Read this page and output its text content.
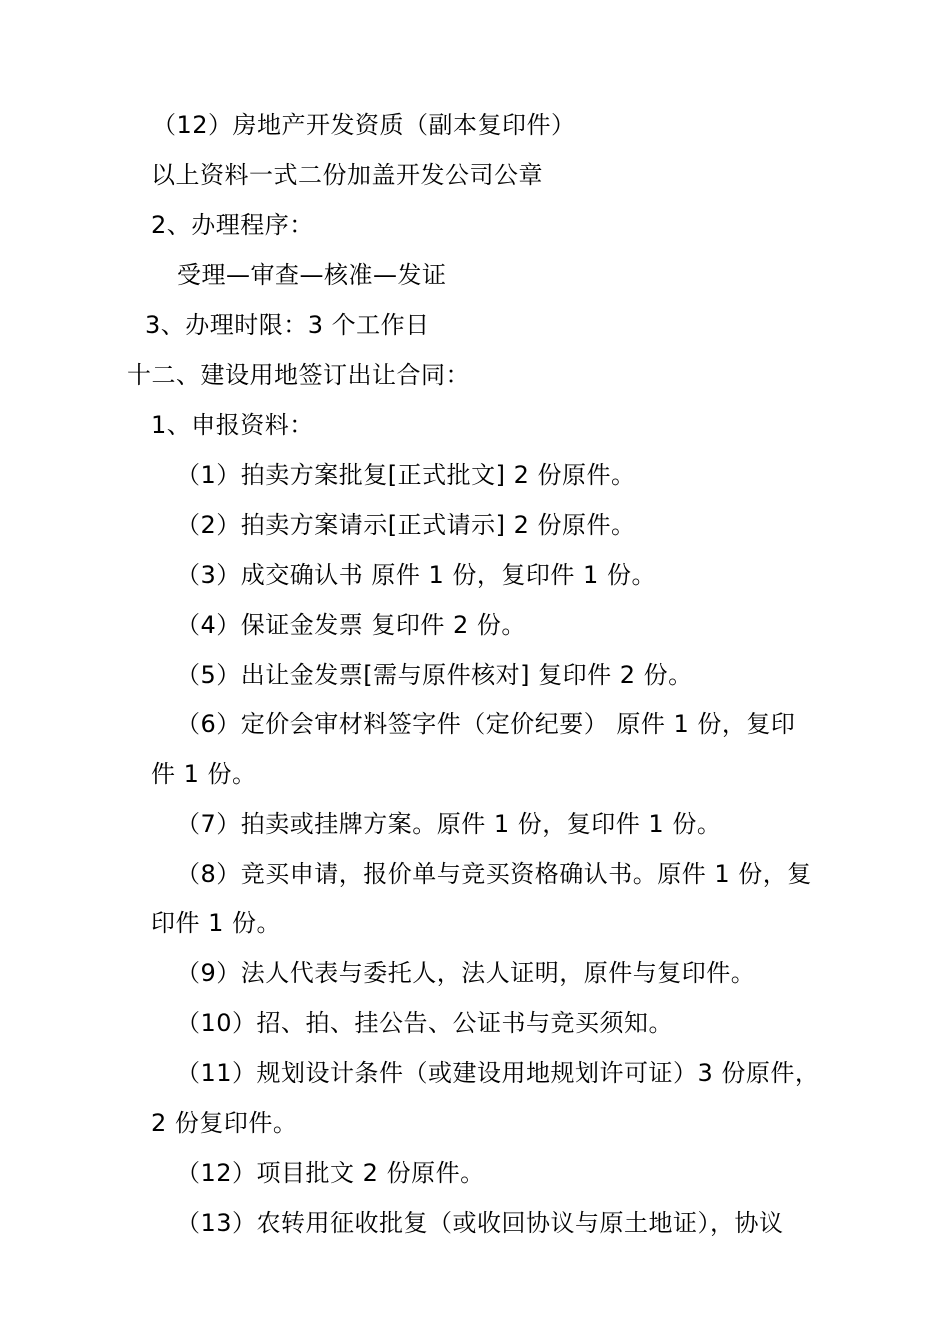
（12）房地产开发资质（副本复印件）
以上资料一式二份加盖开发公司公章
2、办理程序：
受理—审查—核准—发证
3、办理时限：3 个工作日
十二、建设用地签订出让合同：
1、申报资料：
（1）拍卖方案批复[正式批文] 2 份原件。
（2）拍卖方案请示[正式请示] 2 份原件。
（3）成交确认书 原件 1 份，复印件 1 份。
（4）保证金发票 复印件 2 份。
（5）出让金发票[需与原件核对] 复印件 2 份。
（6）定价会审材料签字件（定价纪要） 原件 1 份，复印
件 1 份。
（7）拍卖或挂牌方案。原件 1 份，复印件 1 份。
（8）竞买申请，报价单与竞买资格确认书。原件 1 份，复
印件 1 份。
（9）法人代表与委托人，法人证明，原件与复印件。
（10）招、拍、挂公告、公证书与竞买须知。
（11）规划设计条件（或建设用地规划许可证）3 份原件，
2 份复印件。
（12）项目批文 2 份原件。
（13）农转用征收批复（或收回协议与原土地证），协议
